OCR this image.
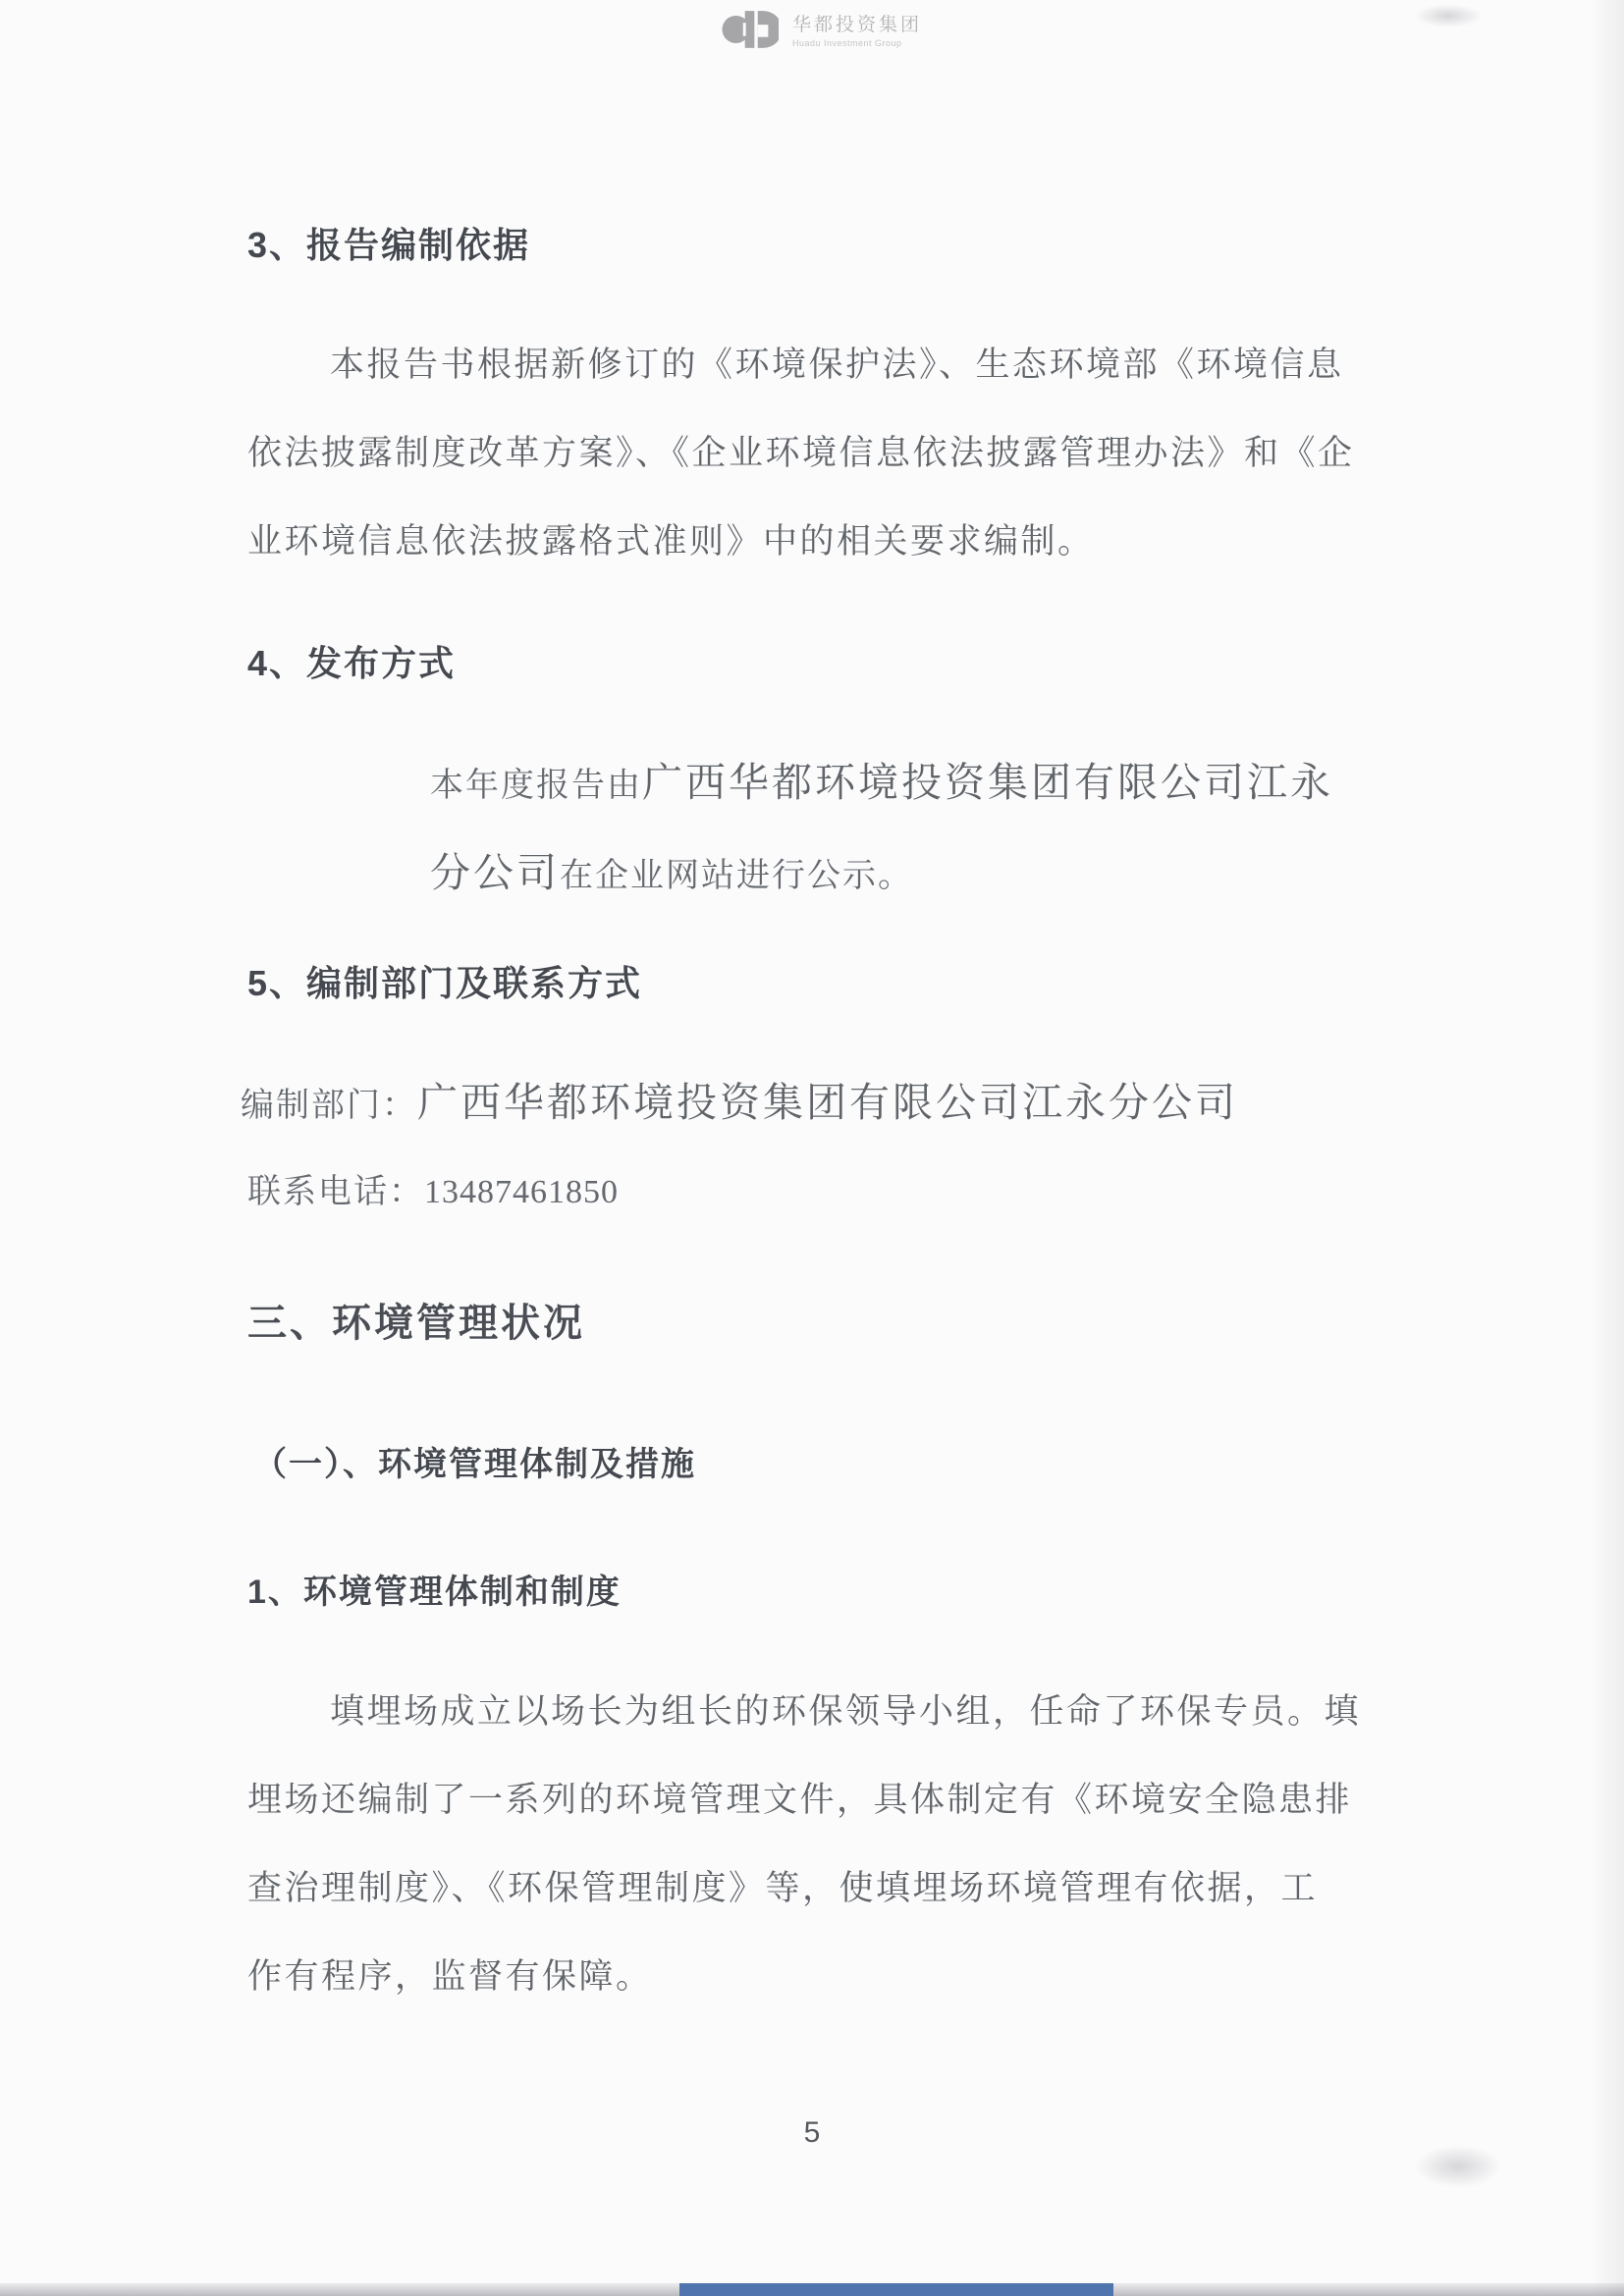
华都投资集团
Huadu Investment Group
3、报告编制依据
本报告书根据新修订的《环境保护法》、生态环境部《环境信息
依法披露制度改革方案》、《企业环境信息依法披露管理办法》和《企
业环境信息依法披露格式准则》中的相关要求编制。
4、发布方式
本年度报告由广西华都环境投资集团有限公司江永
分公司在企业网站进行公示。
5、编制部门及联系方式
编制部门：广西华都环境投资集团有限公司江永分公司
联系电话：13487461850
三、环境管理状况
（一）、环境管理体制及措施
1、环境管理体制和制度
填埋场成立以场长为组长的环保领导小组，任命了环保专员。填
埋场还编制了一系列的环境管理文件，具体制定有《环境安全隐患排
查治理制度》、《环保管理制度》等，使填埋场环境管理有依据，工
作有程序，监督有保障。
5
